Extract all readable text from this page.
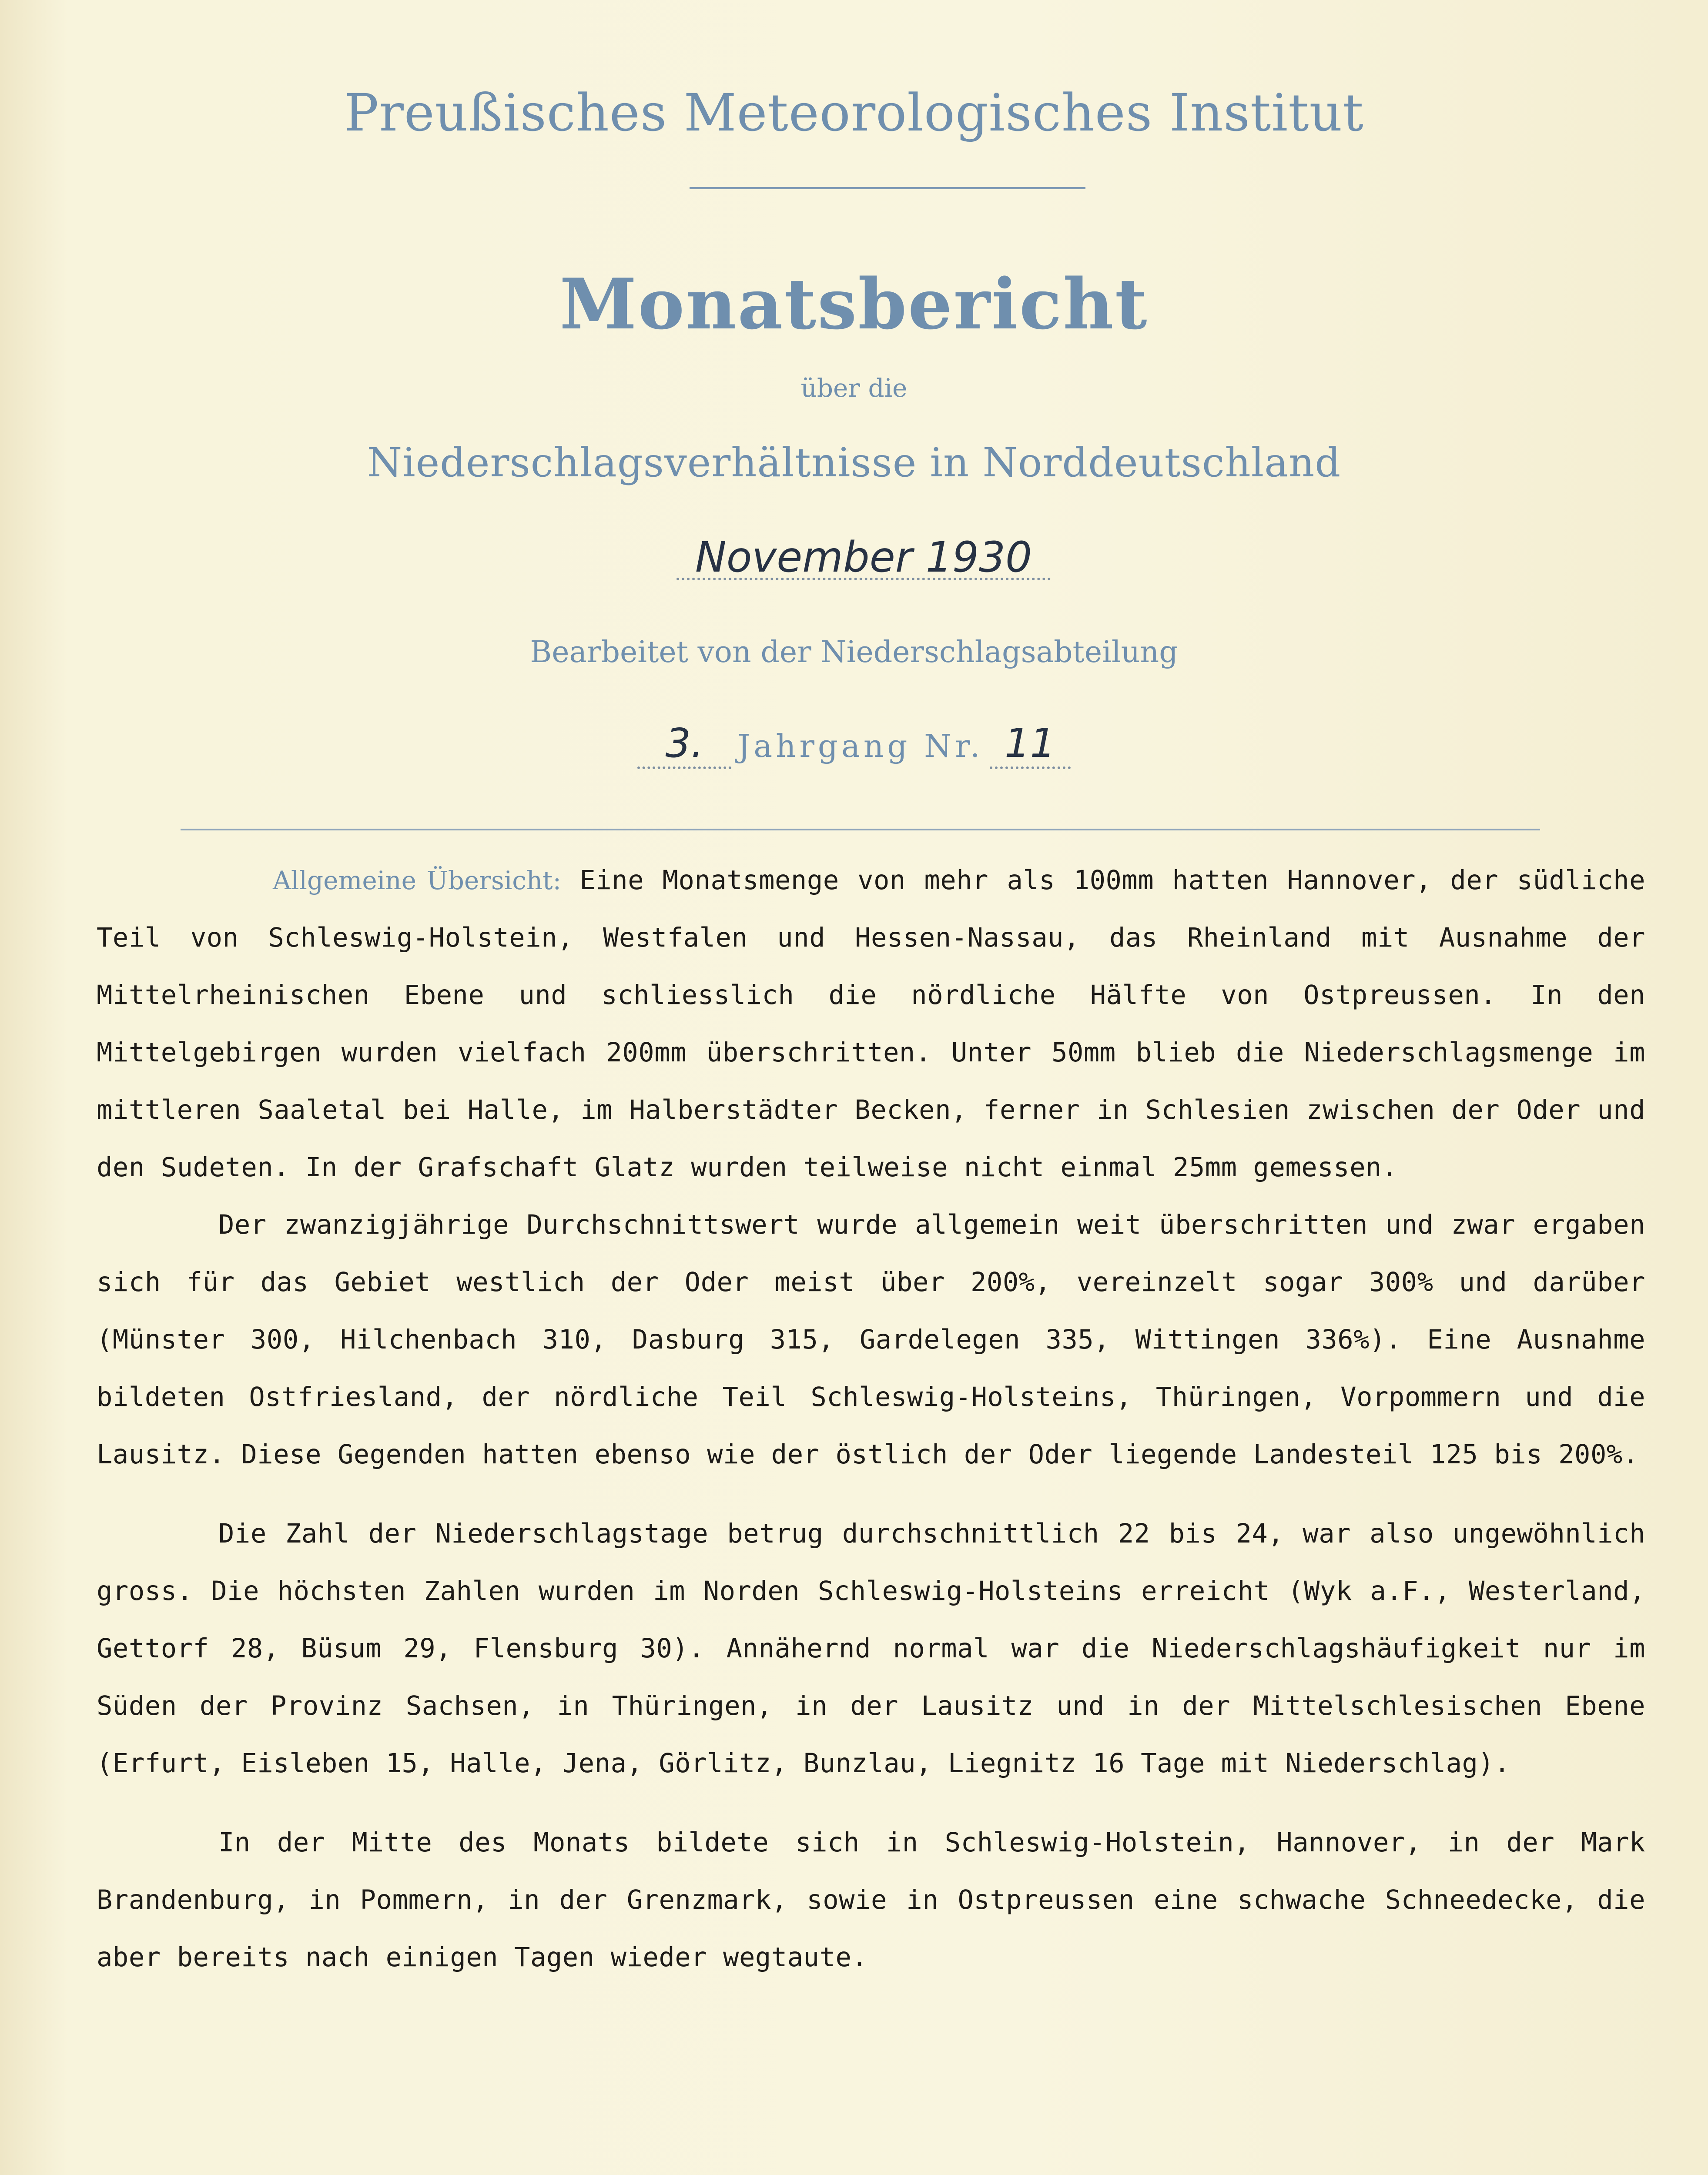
Preußisches Meteorologisches Institut
Monatsbericht
über die
Niederschlagsverhältnisse in Norddeutschland
November 1930
Bearbeitet von der Niederschlagsabteilung
3. Jahrgang Nr. 11

Allgemeine Übersicht: Eine Monatsmenge von mehr als 100mm hatten Hannover, der südliche Teil von Schleswig-Holstein, Westfalen und Hessen-Nassau, das Rheinland mit Ausnahme der Mittelrheinischen Ebene und schliesslich die nördliche Hälfte von Ostpreussen. In den Mittelgebirgen wurden vielfach 200mm überschritten. Unter 50mm blieb die Niederschlagsmenge im mittleren Saaletal bei Halle, im Halberstädter Becken, ferner in Schlesien zwischen der Oder und den Sudeten. In der Grafschaft Glatz wurden teilweise nicht einmal 25mm gemessen.

Der zwanzigjährige Durchschnittswert wurde allgemein weit überschritten und zwar ergaben sich für das Gebiet westlich der Oder meist über 200%, vereinzelt sogar 300% und darüber (Münster 300, Hilchenbach 310, Dasburg 315, Gardelegen 335, Wittingen 336%). Eine Ausnahme bildeten Ostfriesland, der nördliche Teil Schleswig-Holsteins, Thüringen, Vorpommern und die Lausitz. Diese Gegenden hatten ebenso wie der östlich der Oder liegende Landesteil 125 bis 200%.

Die Zahl der Niederschlagstage betrug durchschnittlich 22 bis 24, war also ungewöhnlich gross. Die höchsten Zahlen wurden im Norden Schleswig-Holsteins erreicht (Wyk a.F., Westerland, Gettorf 28, Büsum 29, Flensburg 30). Annähernd normal war die Niederschlagshäufigkeit nur im Süden der Provinz Sachsen, in Thüringen, in der Lausitz und in der Mittelschlesischen Ebene (Erfurt, Eisleben 15, Halle, Jena, Görlitz, Bunzlau, Liegnitz 16 Tage mit Niederschlag).

In der Mitte des Monats bildete sich in Schleswig-Holstein, Hannover, in der Mark Brandenburg, in Pommern, in der Grenzmark, sowie in Ostpreussen eine schwache Schneedecke, die aber bereits nach einigen Tagen wieder wegtaute.
